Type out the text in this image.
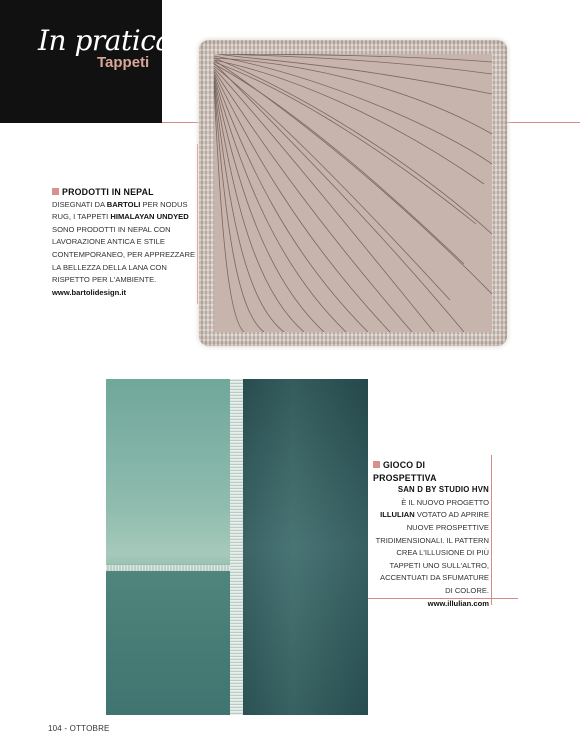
In pratica
Tappeti
PRODOTTI IN NEPAL
DISEGNATI DA BARTOLI PER NODUS RUG, I TAPPETI HIMALAYAN UNDYED SONO PRODOTTI IN NEPAL CON LAVORAZIONE ANTICA E STILE CONTEMPORANEO, PER APPREZZARE LA BELLEZZA DELLA LANA CON RISPETTO PER L'AMBIENTE.
www.bartolidesign.it
GIOCO DI PROSPETTIVA
SAN D BY STUDIO HVN
È IL NUOVO PROGETTO ILLULIAN VOTATO AD APRIRE NUOVE PROSPETTIVE TRIDIMENSIONALI. IL PATTERN CREA L'ILLUSIONE DI PIÙ TAPPETI UNO SULL'ALTRO, ACCENTUATI DA SFUMATURE DI COLORE.
www.illulian.com
104 - OTTOBRE
